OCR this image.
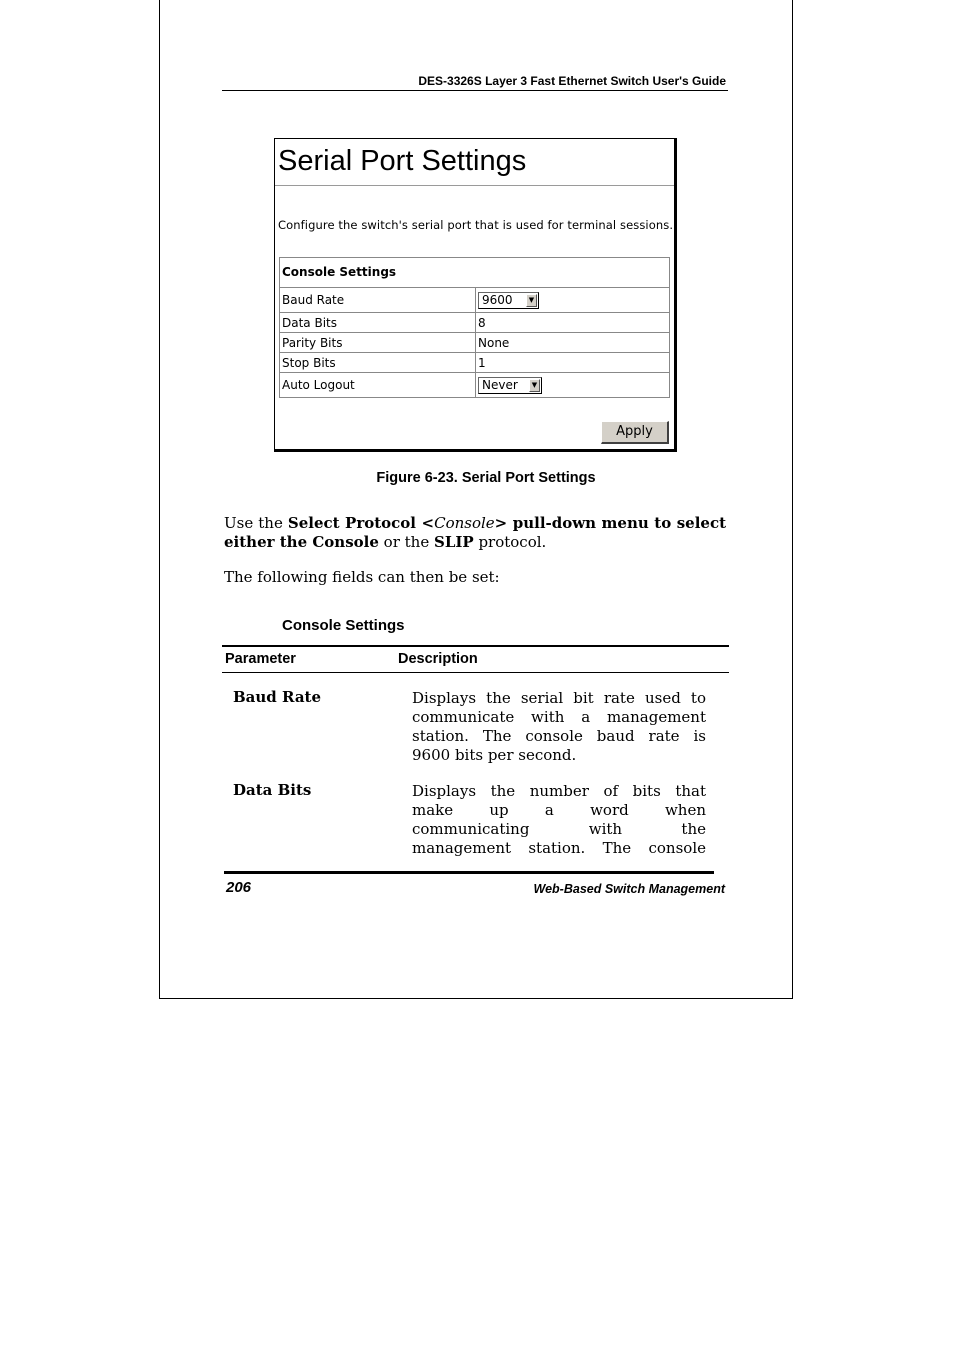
DES-3326S Layer 3 Fast Ethernet Switch User's Guide
Serial Port Settings
Configure the switch's serial port that is used for terminal sessions.
Console Settings
Baud Rate	9600	▼
Data Bits	8
Parity Bits	None
Stop Bits	1
Auto Logout	Never	▼
Apply
Figure 6-23. Serial Port Settings
Use the Select Protocol <Console> pull-down menu to select either the Console or the SLIP protocol.
The following fields can then be set:
Console Settings
Parameter	Description
Baud Rate	Displays the serial bit rate used to
communicate with a management
station. The console baud rate is
9600 bits per second.
Data Bits	Displays the number of bits that
make up a word when
communicating with the
management station. The console
206	Web-Based Switch Management
